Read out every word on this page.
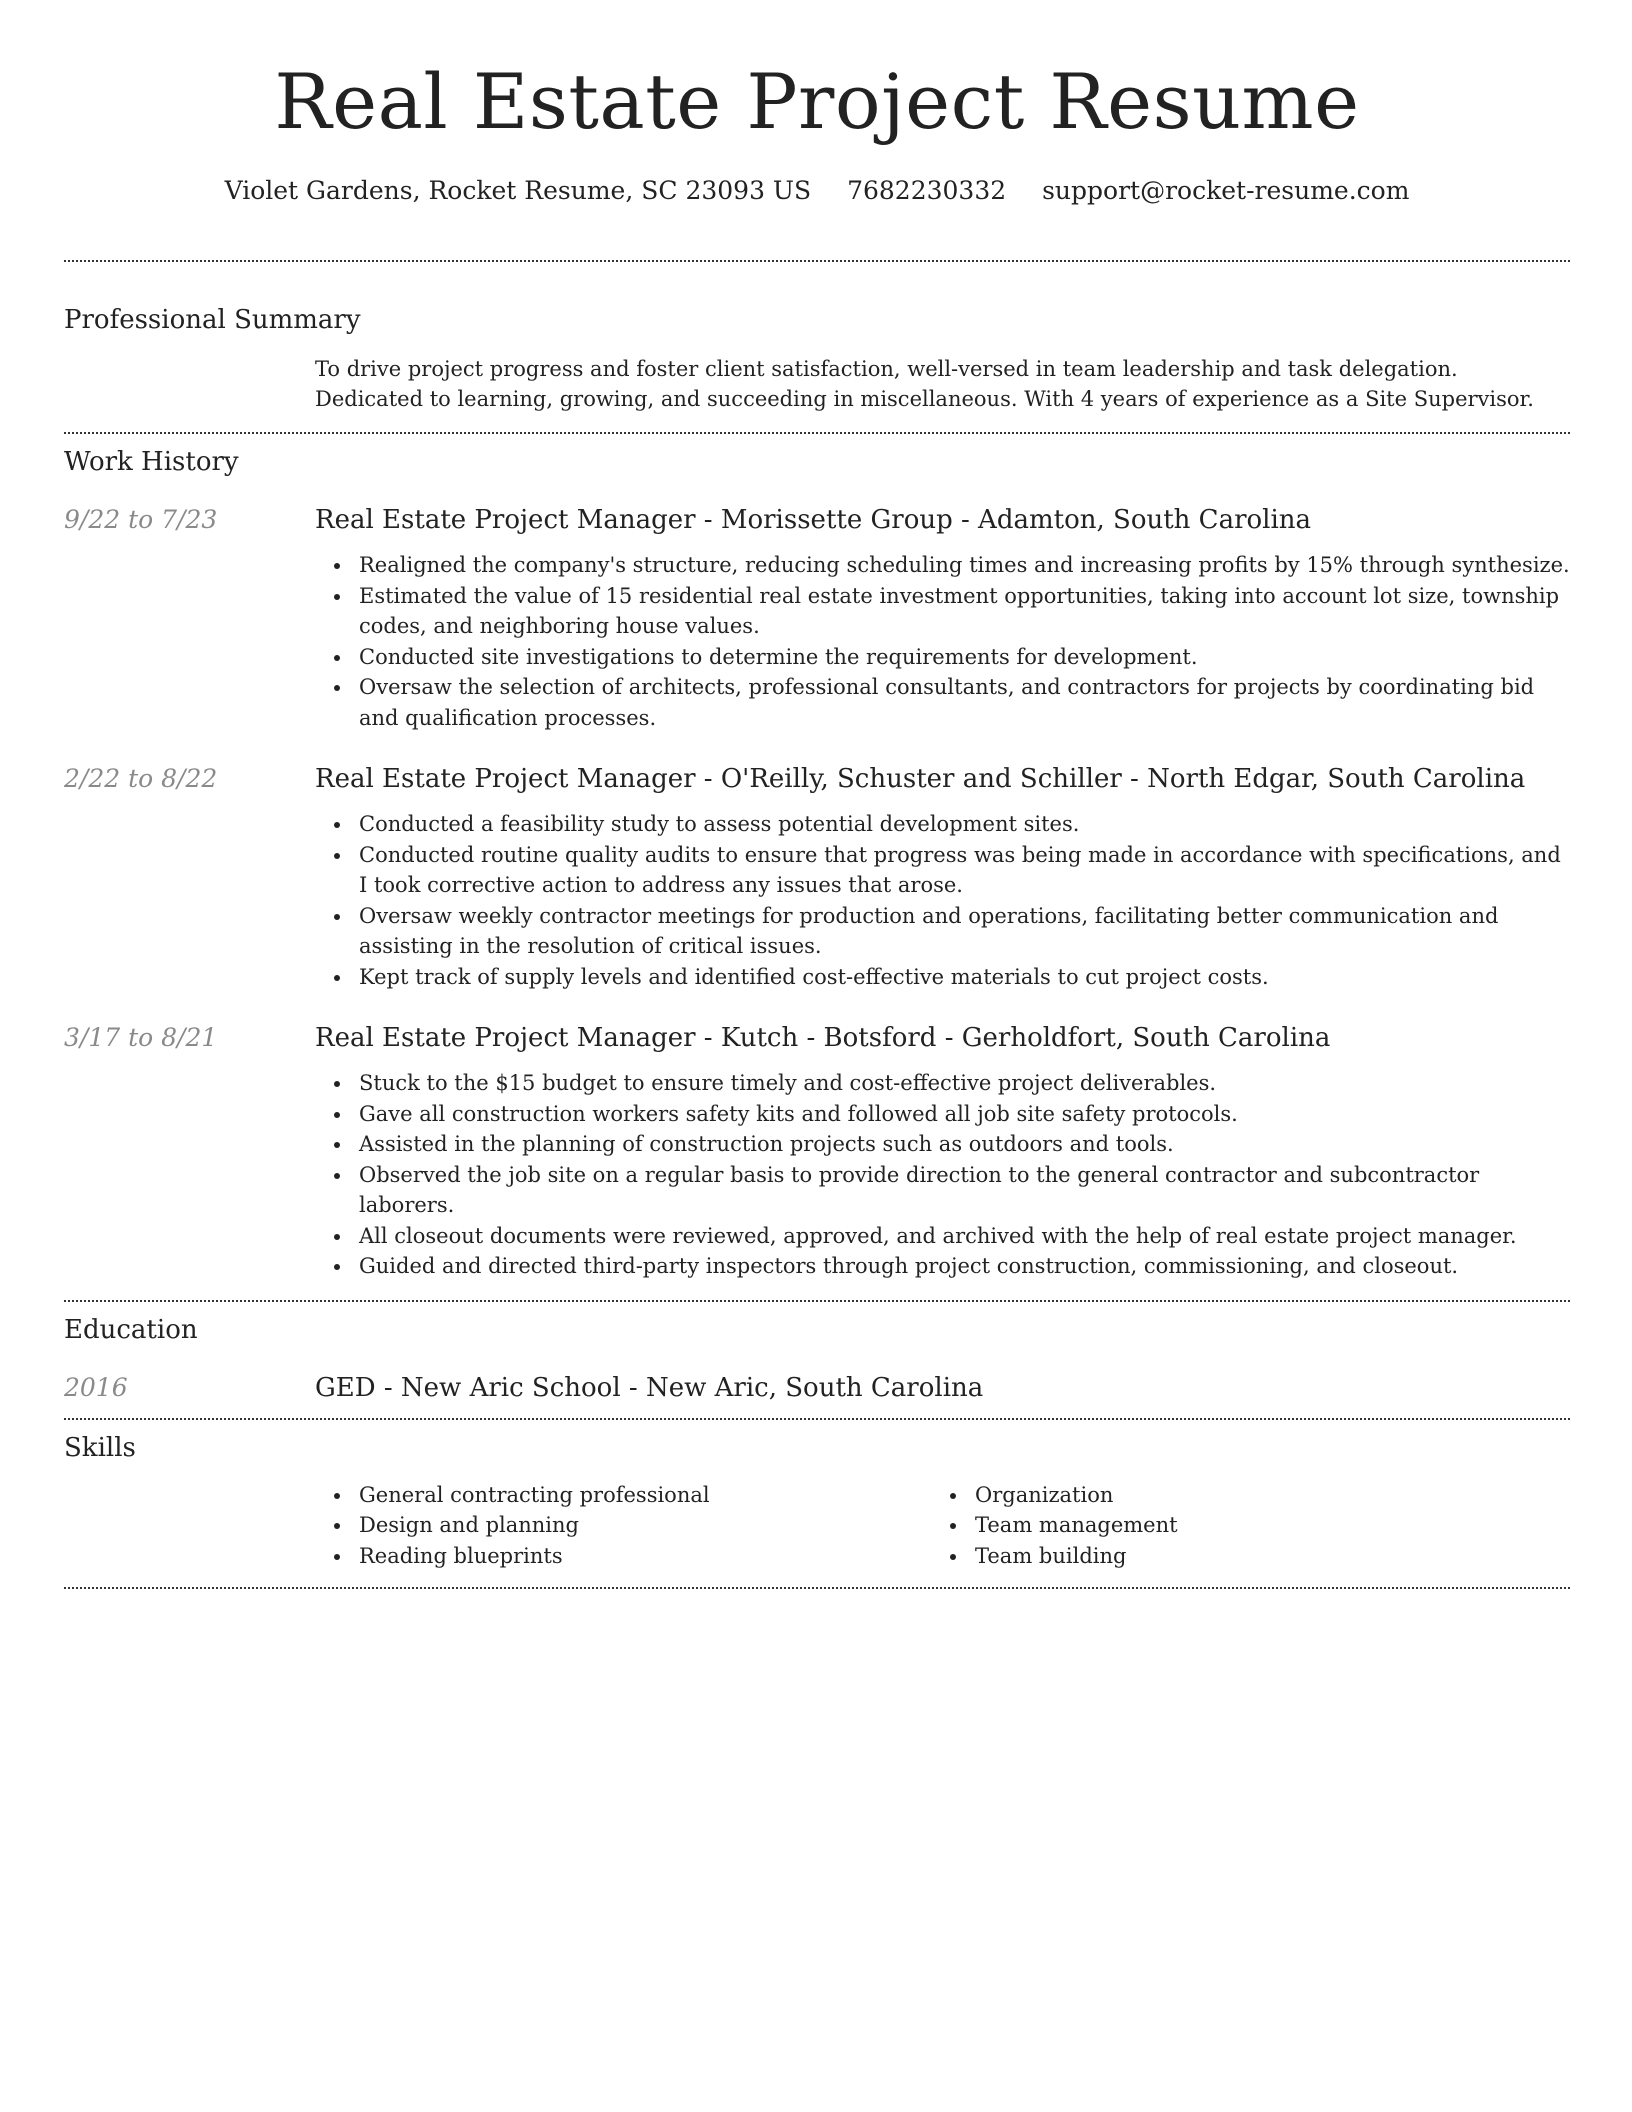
Real Estate Project Resume
Violet Gardens, Rocket Resume, SC 23093 US 7682230332 support@rocket-resume.com
Professional Summary
To drive project progress and foster client satisfaction, well-versed in team leadership and task delegation. Dedicated to learning, growing, and succeeding in miscellaneous. With 4 years of experience as a Site Supervisor.
Work History
9/22 to 7/23	Real Estate Project Manager - Morissette Group - Adamton, South Carolina
Realigned the company's structure, reducing scheduling times and increasing profits by 15% through synthesize.
Estimated the value of 15 residential real estate investment opportunities, taking into account lot size, township codes, and neighboring house values.
Conducted site investigations to determine the requirements for development.
Oversaw the selection of architects, professional consultants, and contractors for projects by coordinating bid and qualification processes.
2/22 to 8/22	Real Estate Project Manager - O'Reilly, Schuster and Schiller - North Edgar, South Carolina
Conducted a feasibility study to assess potential development sites.
Conducted routine quality audits to ensure that progress was being made in accordance with specifications, and I took corrective action to address any issues that arose.
Oversaw weekly contractor meetings for production and operations, facilitating better communication and assisting in the resolution of critical issues.
Kept track of supply levels and identified cost-effective materials to cut project costs.
3/17 to 8/21	Real Estate Project Manager - Kutch - Botsford - Gerholdfort, South Carolina
Stuck to the $15 budget to ensure timely and cost-effective project deliverables.
Gave all construction workers safety kits and followed all job site safety protocols.
Assisted in the planning of construction projects such as outdoors and tools.
Observed the job site on a regular basis to provide direction to the general contractor and subcontractor laborers.
All closeout documents were reviewed, approved, and archived with the help of real estate project manager.
Guided and directed third-party inspectors through project construction, commissioning, and closeout.
Education
2016	GED - New Aric School - New Aric, South Carolina
Skills
General contracting professional
Design and planning
Reading blueprints
Organization
Team management
Team building
